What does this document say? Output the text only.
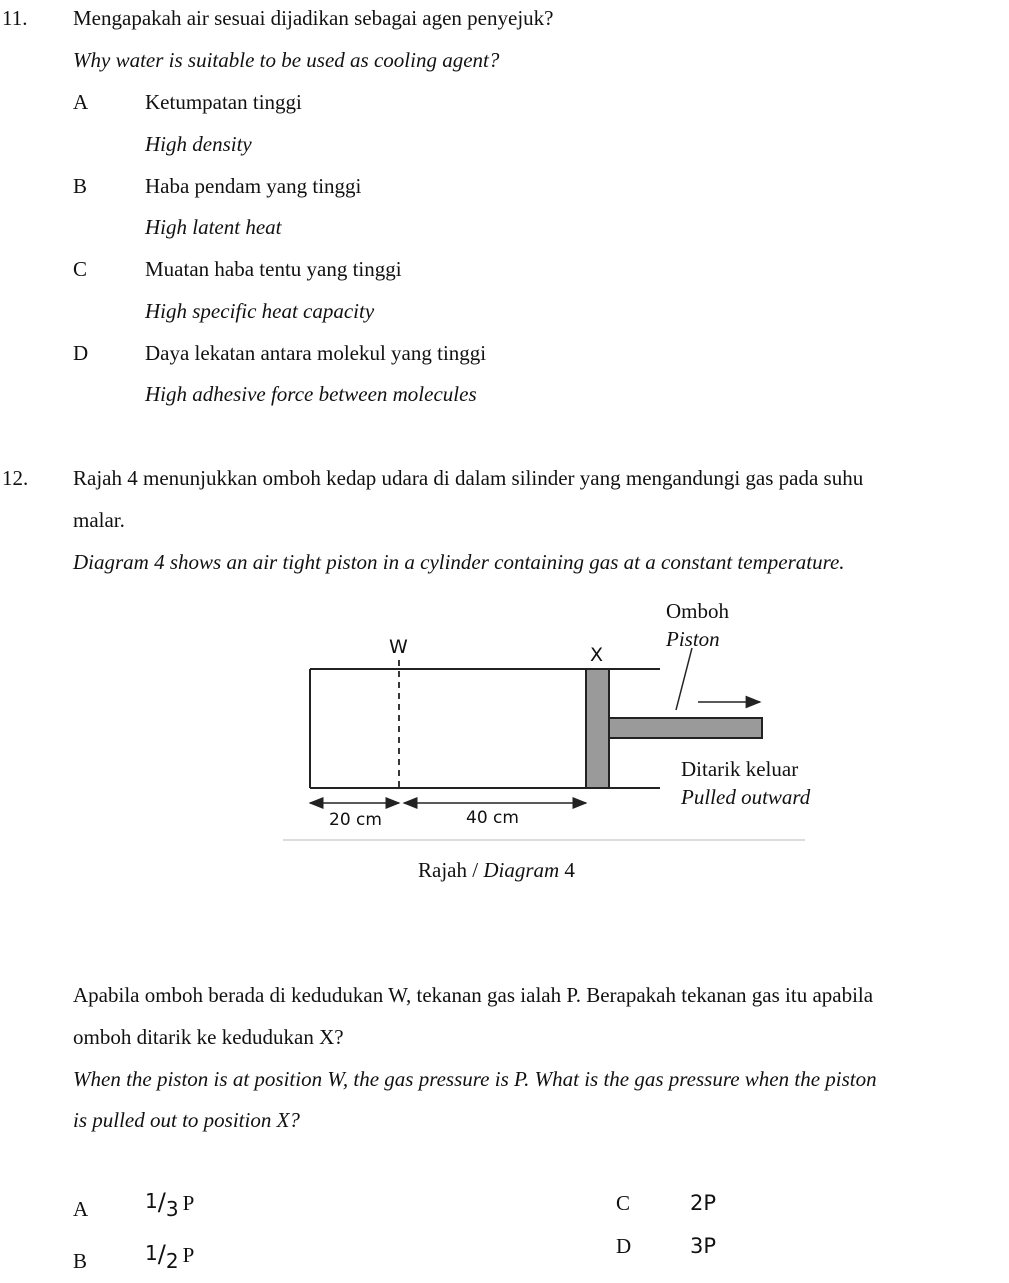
11. Mengapakah air sesuai dijadikan sebagai agen penyejuk?
Why water is suitable to be used as cooling agent?
A	Ketumpatan tinggi
High density
B	Haba pendam yang tinggi
High latent heat
C	Muatan haba tentu yang tinggi
High specific heat capacity
D	Daya lekatan antara molekul yang tinggi
High adhesive force between molecules
12. Rajah 4 menunjukkan omboh kedap udara di dalam silinder yang mengandungi gas pada suhu
malar.
Diagram 4 shows an air tight piston in a cylinder containing gas at a constant temperature.
W	X
Omboh
Piston
Ditarik keluar
Pulled outward
20 cm	40 cm
Rajah / Diagram 4
Apabila omboh berada di kedudukan W, tekanan gas ialah P. Berapakah tekanan gas itu apabila
omboh ditarik ke kedudukan X?
When the piston is at position W, the gas pressure is P. What is the gas pressure when the piston
is pulled out to position X?
A	$^1/_3$ P
B	$^1/_2$ P
C	2P
D	3P
